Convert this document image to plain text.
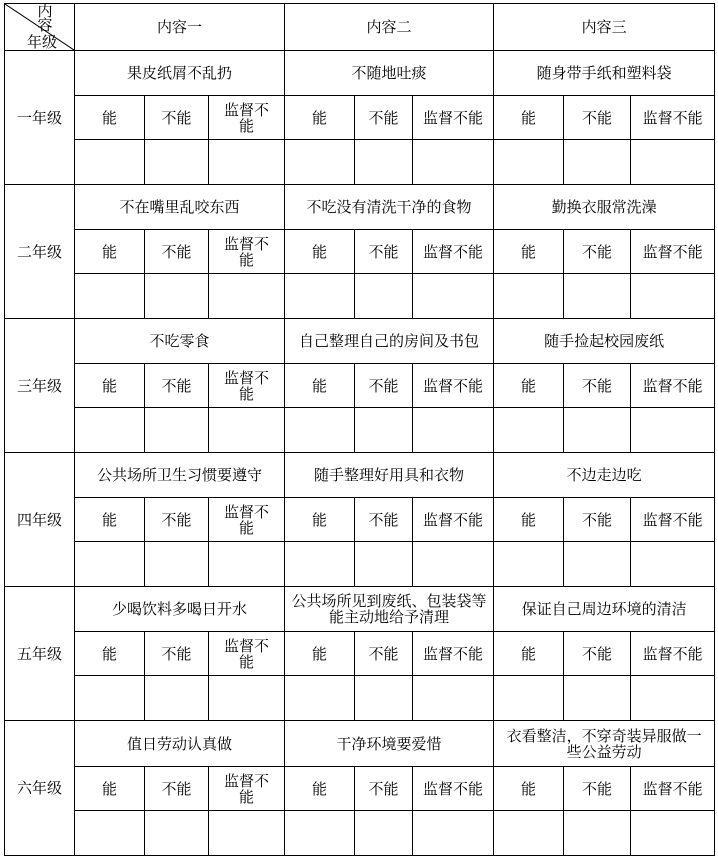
内容
年级	内容一			内容二			内容三		
一年级	果皮纸屑不乱扔			不随地吐痰			随身带手纸和塑料袋		
	能	不能	监督不能	能	不能	监督不能	能	不能	监督不能

二年级	不在嘴里乱咬东西			不吃没有清洗干净的食物			勤换衣服常洗澡		
	能	不能	监督不能	能	不能	监督不能	能	不能	监督不能

三年级	不吃零食			自己整理自己的房间及书包			随手捡起校园废纸		
	能	不能	监督不能	能	不能	监督不能	能	不能	监督不能

四年级	公共场所卫生习惯要遵守			随手整理好用具和衣物			不边走边吃		
	能	不能	监督不能	能	不能	监督不能	能	不能	监督不能

五年级	少喝饮料多喝日开水			公共场所见到废纸、包装袋等能主动地给予清理			保证自己周边环境的清洁		
	能	不能	监督不能	能	不能	监督不能	能	不能	监督不能

六年级	值日劳动认真做			干净环境要爱惜			衣看整洁，不穿奇装异服做一些公益劳动		
	能	不能	监督不能	能	不能	监督不能	能	不能	监督不能
